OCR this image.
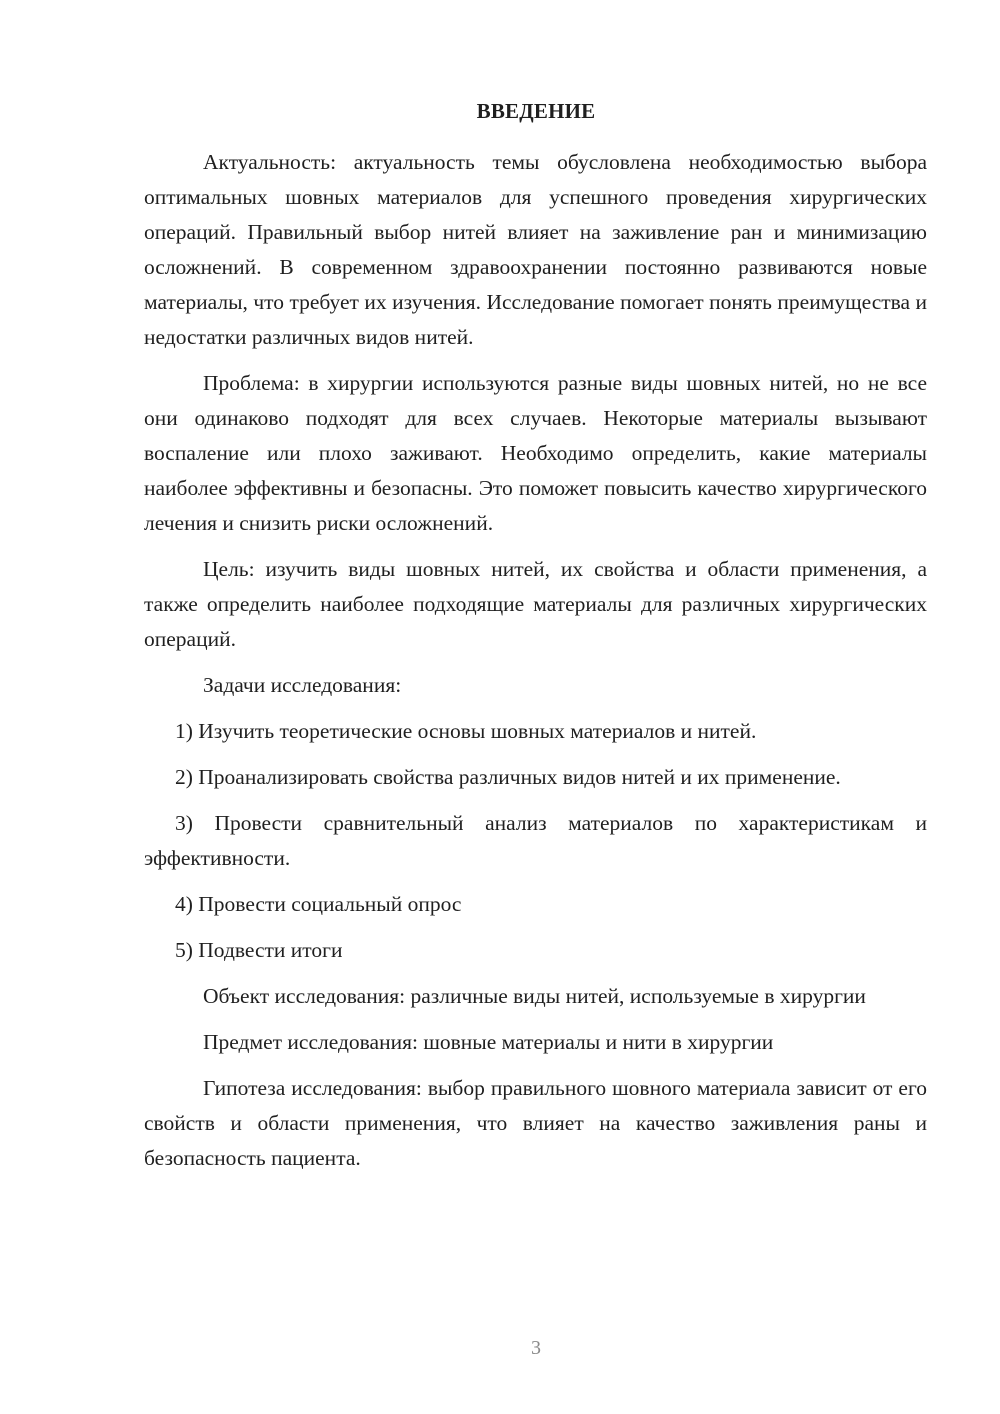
ВВЕДЕНИЕ

Актуальность: актуальность темы обусловлена необходимостью выбора оптимальных шовных материалов для успешного проведения хирургических операций. Правильный выбор нитей влияет на заживление ран и минимизацию осложнений. В современном здравоохранении постоянно развиваются новые материалы, что требует их изучения. Исследование помогает понять преимущества и недостатки различных видов нитей.

Проблема: в хирургии используются разные виды шовных нитей, но не все они одинаково подходят для всех случаев. Некоторые материалы вызывают воспаление или плохо заживают. Необходимо определить, какие материалы наиболее эффективны и безопасны. Это поможет повысить качество хирургического лечения и снизить риски осложнений.

Цель: изучить виды шовных нитей, их свойства и области применения, а также определить наиболее подходящие материалы для различных хирургических операций.

Задачи исследования:

1) Изучить теоретические основы шовных материалов и нитей.

2) Проанализировать свойства различных видов нитей и их применение.

3) Провести сравнительный анализ материалов по характеристикам и эффективности.

4) Провести социальный опрос

5) Подвести итоги

Объект исследования: различные виды нитей, используемые в хирургии

Предмет исследования: шовные материалы и нити в хирургии

Гипотеза исследования: выбор правильного шовного материала зависит от его свойств и области применения, что влияет на качество заживления раны и безопасность пациента.

3
